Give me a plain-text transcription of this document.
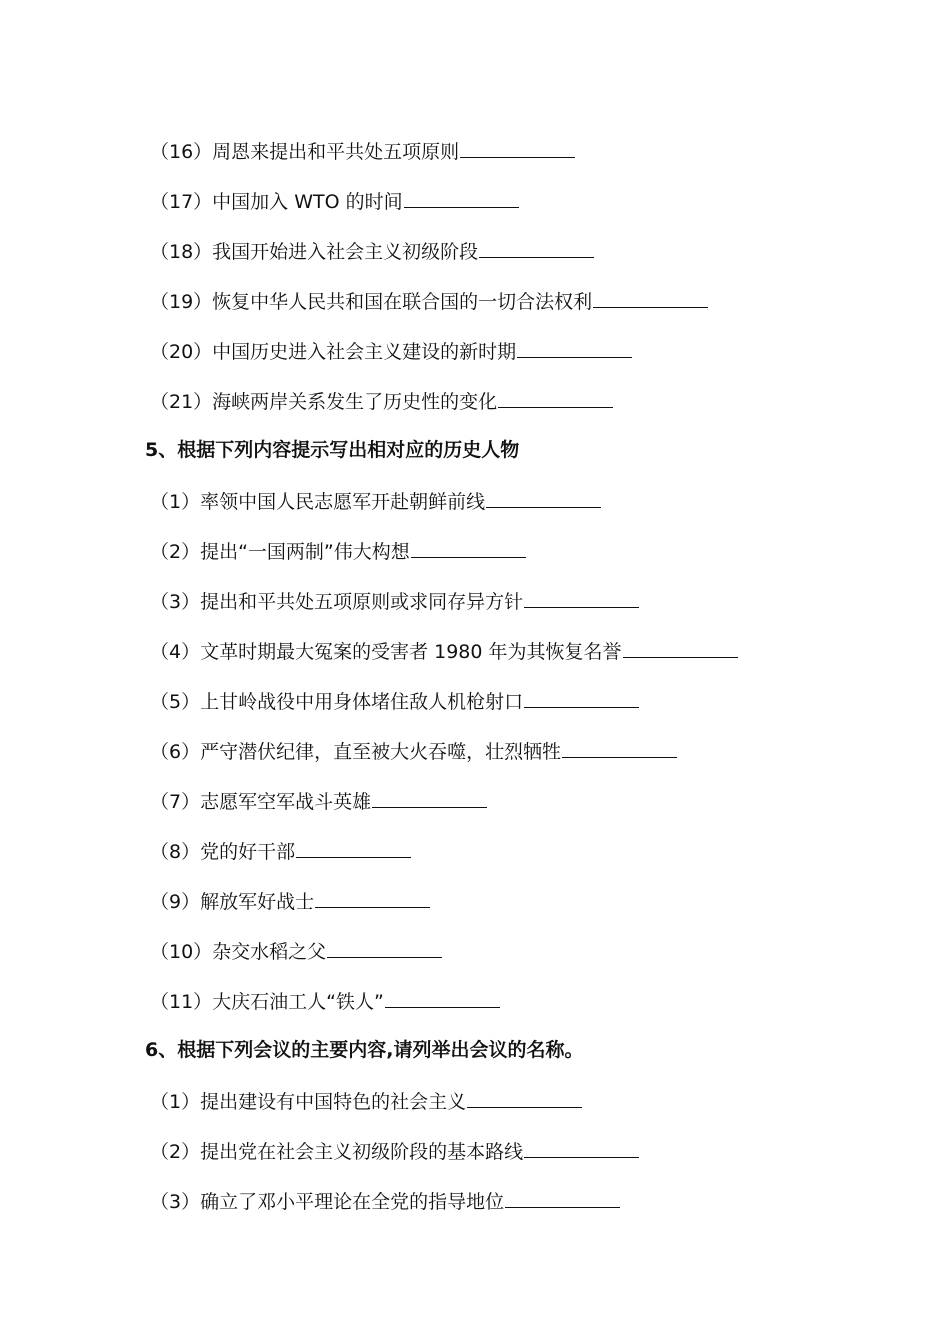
（16）周恩来提出和平共处五项原则
（17）中国加入 WTO 的时间
（18）我国开始进入社会主义初级阶段
（19）恢复中华人民共和国在联合国的一切合法权利
（20）中国历史进入社会主义建设的新时期
（21）海峡两岸关系发生了历史性的变化
5、根据下列内容提示写出相对应的历史人物
（1）率领中国人民志愿军开赴朝鲜前线
（2）提出“一国两制”伟大构想
（3）提出和平共处五项原则或求同存异方针
（4）文革时期最大冤案的受害者 1980 年为其恢复名誉
（5）上甘岭战役中用身体堵住敌人机枪射口
（6）严守潜伏纪律，直至被大火吞噬，壮烈牺牲
（7）志愿军空军战斗英雄
（8）党的好干部
（9）解放军好战士
（10）杂交水稻之父
（11）大庆石油工人“铁人”
6、根据下列会议的主要内容,请列举出会议的名称。
（1）提出建设有中国特色的社会主义
（2）提出党在社会主义初级阶段的基本路线
（3）确立了邓小平理论在全党的指导地位
